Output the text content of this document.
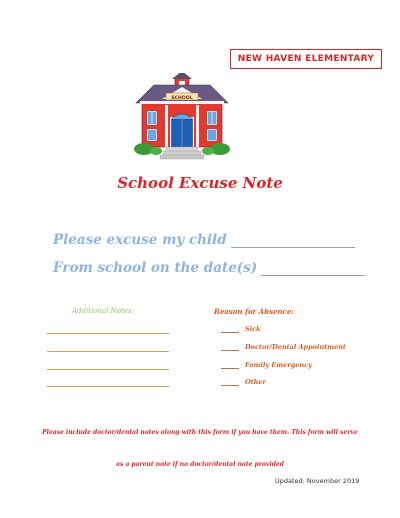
NEW HAVEN ELEMENTARY
SCHOOL
School Excuse Note
Please excuse my child
From school on the date(s)
Additional Notes:	Reason for Absence:
Sick
Doctor/Dental Appointment
Family Emergency
Other
Please include doctor/dental notes along with this form if you have them. This form will serve
as a parent note if no doctor/dental note provided
Updated: November 2019
